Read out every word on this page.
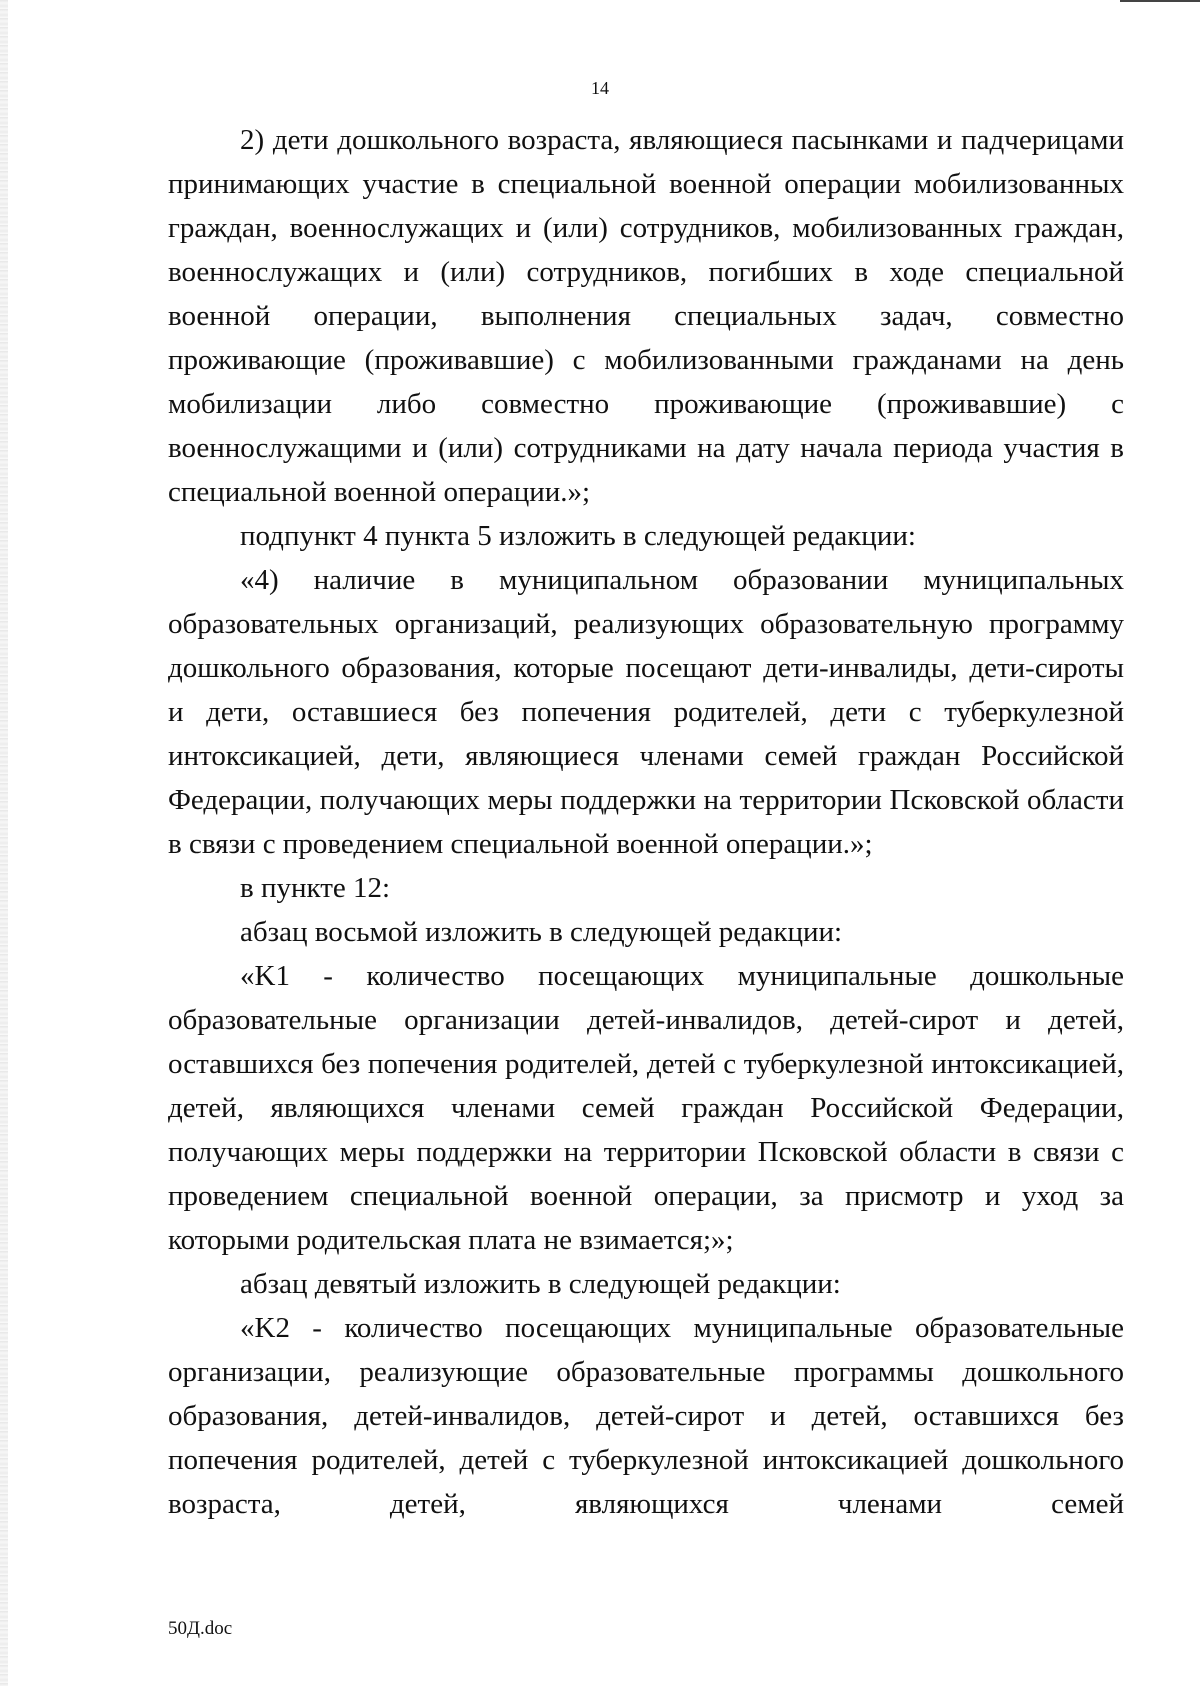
14

2) дети дошкольного возраста, являющиеся пасынками и падчерицами принимающих участие в специальной военной операции мобилизованных граждан, военнослужащих и (или) сотрудников, мобилизованных граждан, военнослужащих и (или) сотрудников, погибших в ходе специальной военной операции, выполнения специальных задач, совместно проживающие (проживавшие) с мобилизованными гражданами на день мобилизации либо совместно проживающие (проживавшие) с военнослужащими и (или) сотрудниками на дату начала периода участия в специальной военной операции.»;

подпункт 4 пункта 5 изложить в следующей редакции:

«4) наличие в муниципальном образовании муниципальных образовательных организаций, реализующих образовательную программу дошкольного образования, которые посещают дети-инвалиды, дети-сироты и дети, оставшиеся без попечения родителей, дети с туберкулезной интоксикацией, дети, являющиеся членами семей граждан Российской Федерации, получающих меры поддержки на территории Псковской области в связи с проведением специальной военной операции.»;

в пункте 12:

абзац восьмой изложить в следующей редакции:

«K1 - количество посещающих муниципальные дошкольные образовательные организации детей-инвалидов, детей-сирот и детей, оставшихся без попечения родителей, детей с туберкулезной интоксикацией, детей, являющихся членами семей граждан Российской Федерации, получающих меры поддержки на территории Псковской области в связи с проведением специальной военной операции, за присмотр и уход за которыми родительская плата не взимается;»;

абзац девятый изложить в следующей редакции:

«K2 - количество посещающих муниципальные образовательные организации, реализующие образовательные программы дошкольного образования, детей-инвалидов, детей-сирот и детей, оставшихся без попечения родителей, детей с туберкулезной интоксикацией дошкольного возраста, детей, являющихся членами семей

50Д.doc
